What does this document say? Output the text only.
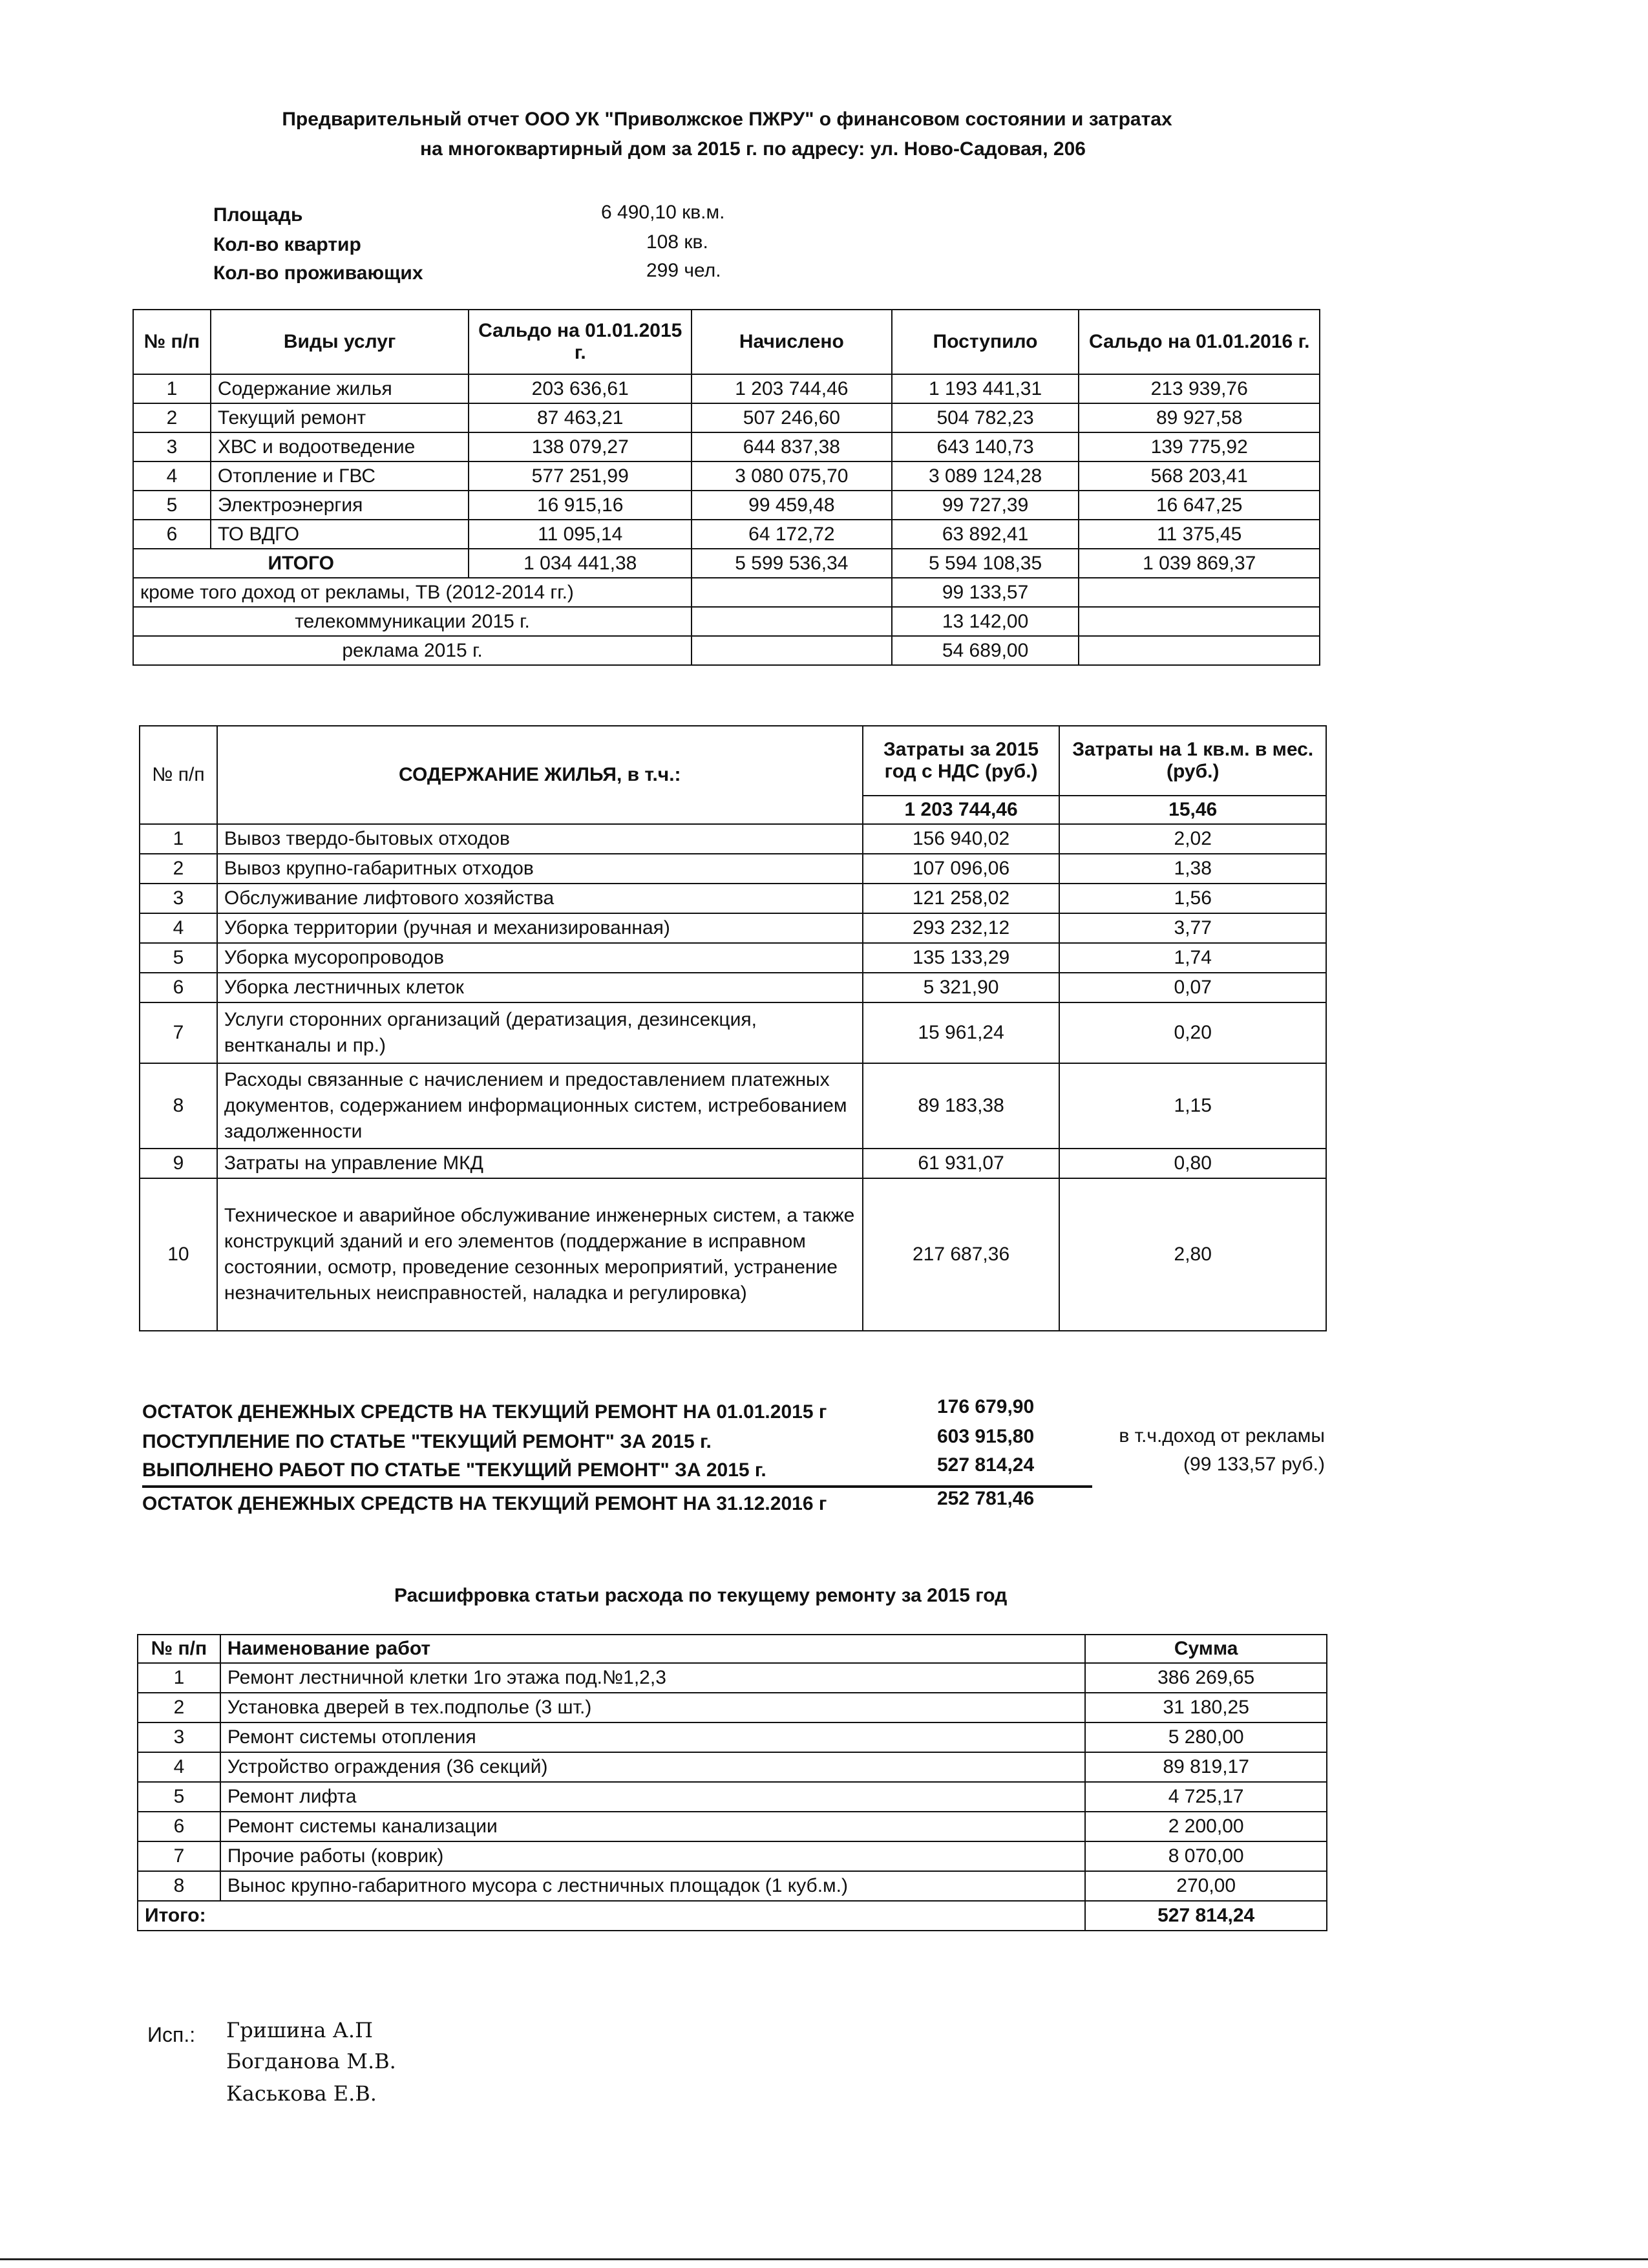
Предварительный отчет ООО УК "Приволжское ПЖРУ" о финансовом состоянии и затратах
на многоквартирный дом за 2015 г. по адресу: ул. Ново-Садовая, 206
Площадь	6 490,10 кв.м.
Кол-во квартир	108 кв.
Кол-во проживающих	299 чел.
№ п/п	Виды услуг	Сальдо на 01.01.2015 г.	Начислено	Поступило	Сальдо на 01.01.2016 г.
1	Содержание жилья	203 636,61	1 203 744,46	1 193 441,31	213 939,76
2	Текущий ремонт	87 463,21	507 246,60	504 782,23	89 927,58
3	ХВС и водоотведение	138 079,27	644 837,38	643 140,73	139 775,92
4	Отопление и ГВС	577 251,99	3 080 075,70	3 089 124,28	568 203,41
5	Электроэнергия	16 915,16	99 459,48	99 727,39	16 647,25
6	ТО ВДГО	11 095,14	64 172,72	63 892,41	11 375,45
ИТОГО		1 034 441,38	5 599 536,34	5 594 108,35	1 039 869,37
кроме того доход от рекламы, ТВ (2012-2014 гг.)				99 133,57	
телекоммуникации 2015 г.				13 142,00	
реклама 2015 г.				54 689,00	
№ п/п	СОДЕРЖАНИЕ ЖИЛЬЯ, в т.ч.:	Затраты за 2015 год с НДС (руб.)	Затраты на 1 кв.м. в мес. (руб.)
		1 203 744,46	15,46
1	Вывоз твердо-бытовых отходов	156 940,02	2,02
2	Вывоз крупно-габаритных отходов	107 096,06	1,38
3	Обслуживание лифтового хозяйства	121 258,02	1,56
4	Уборка территории (ручная и механизированная)	293 232,12	3,77
5	Уборка мусоропроводов	135 133,29	1,74
6	Уборка лестничных клеток	5 321,90	0,07
7	Услуги сторонних организаций (дератизация, дезинсекция, вентканалы и пр.)	15 961,24	0,20
8	Расходы связанные с начислением и предоставлением платежных документов, содержанием информационных систем, истребованием задолженности	89 183,38	1,15
9	Затраты на управление МКД	61 931,07	0,80
10	Техническое и аварийное обслуживание инженерных систем, а также конструкций зданий и его элементов (поддержание в исправном состоянии, осмотр, проведение сезонных мероприятий, устранение незначительных неисправностей, наладка и регулировка)	217 687,36	2,80
ОСТАТОК ДЕНЕЖНЫХ СРЕДСТВ НА ТЕКУЩИЙ РЕМОНТ НА 01.01.2015 г	176 679,90
ПОСТУПЛЕНИЕ ПО СТАТЬЕ "ТЕКУЩИЙ РЕМОНТ" ЗА 2015 г.	603 915,80
ВЫПОЛНЕНО РАБОТ ПО СТАТЬЕ "ТЕКУЩИЙ РЕМОНТ" ЗА 2015 г.	527 814,24
ОСТАТОК ДЕНЕЖНЫХ СРЕДСТВ НА ТЕКУЩИЙ РЕМОНТ НА 31.12.2016 г	252 781,46
в т.ч.доход от рекламы
(99 133,57 руб.)
Расшифровка статьи расхода по текущему ремонту за 2015 год
№ п/п	Наименование работ	Сумма
1	Ремонт лестничной клетки 1го этажа под.№1,2,3	386 269,65
2	Установка дверей в тех.подполье (3 шт.)	31 180,25
3	Ремонт системы отопления	5 280,00
4	Устройство ограждения (36 секций)	89 819,17
5	Ремонт лифта	4 725,17
6	Ремонт системы канализации	2 200,00
7	Прочие работы (коврик)	8 070,00
8	Вынос крупно-габаритного мусора с лестничных площадок (1 куб.м.)	270,00
Итого:		527 814,24
Исп.: Гришина А.П
Богданова М.В.
Каськова Е.В.
